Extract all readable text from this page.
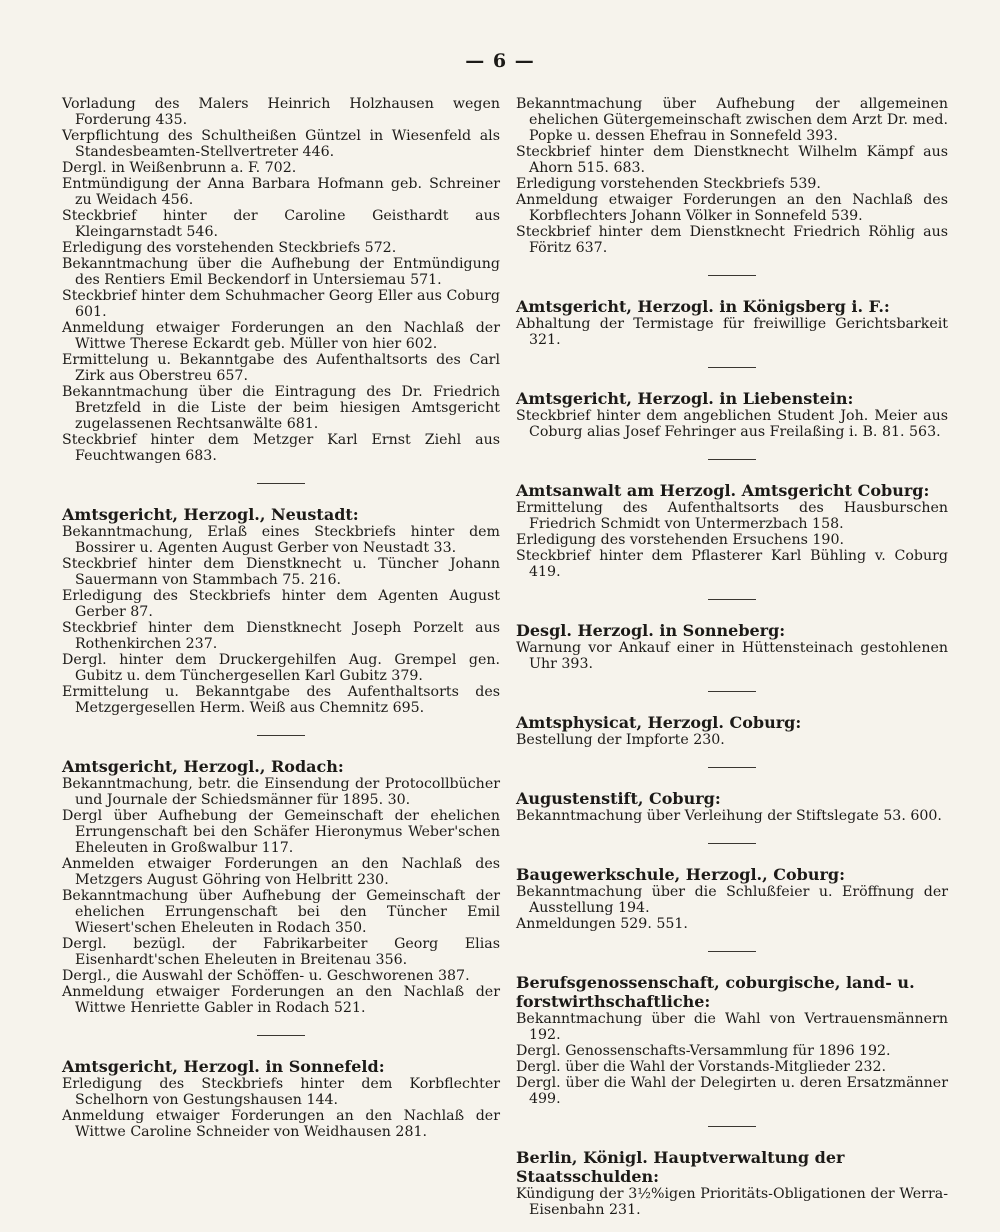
— 6 —
Vorladung des Malers Heinrich Holzhausen wegen Forderung 435.
Verpflichtung des Schultheißen Güntzel in Wiesenfeld als Standesbeamten-Stellvertreter 446.
Dergl. in Weißenbrunn a. F. 702.
Entmündigung der Anna Barbara Hofmann geb. Schreiner zu Weidach 456.
Steckbrief hinter der Caroline Geisthardt aus Kleingarnstadt 546.
Erledigung des vorstehenden Steckbriefs 572.
Bekanntmachung über die Aufhebung der Entmündigung des Rentiers Emil Beckendorf in Untersiemau 571.
Steckbrief hinter dem Schuhmacher Georg Eller aus Coburg 601.
Anmeldung etwaiger Forderungen an den Nachlaß der Wittwe Therese Eckardt geb. Müller von hier 602.
Ermittelung u. Bekanntgabe des Aufenthaltsorts des Carl Zirk aus Oberstreu 657.
Bekanntmachung über die Eintragung des Dr. Friedrich Bretzfeld in die Liste der beim hiesigen Amtsgericht zugelassenen Rechtsanwälte 681.
Steckbrief hinter dem Metzger Karl Ernst Ziehl aus Feuchtwangen 683.
Amtsgericht, Herzogl., Neustadt:
Bekanntmachung, Erlaß eines Steckbriefs hinter dem Bossirer u. Agenten August Gerber von Neustadt 33.
Steckbrief hinter dem Dienstknecht u. Tüncher Johann Sauermann von Stammbach 75. 216.
Erledigung des Steckbriefs hinter dem Agenten August Gerber 87.
Steckbrief hinter dem Dienstknecht Joseph Porzelt aus Rothenkirchen 237.
Dergl. hinter dem Druckergehilfen Aug. Grempel gen. Gubitz u. dem Tünchergesellen Karl Gubitz 379.
Ermittelung u. Bekanntgabe des Aufenthaltsorts des Metzgergesellen Herm. Weiß aus Chemnitz 695.
Amtsgericht, Herzogl., Rodach:
Bekanntmachung, betr. die Einsendung der Protocollbücher und Journale der Schiedsmänner für 1895. 30.
Dergl über Aufhebung der Gemeinschaft der ehelichen Errungenschaft bei den Schäfer Hieronymus Weber'schen Eheleuten in Großwalbur 117.
Anmelden etwaiger Forderungen an den Nachlaß des Metzgers August Göhring von Helbritt 230.
Bekanntmachung über Aufhebung der Gemeinschaft der ehelichen Errungenschaft bei den Tüncher Emil Wiesert'schen Eheleuten in Rodach 350.
Dergl. bezügl. der Fabrikarbeiter Georg Elias Eisenhardt'schen Eheleuten in Breitenau 356.
Dergl., die Auswahl der Schöffen- u. Geschworenen 387.
Anmeldung etwaiger Forderungen an den Nachlaß der Wittwe Henriette Gabler in Rodach 521.
Amtsgericht, Herzogl. in Sonnefeld:
Erledigung des Steckbriefs hinter dem Korbflechter Schelhorn von Gestungshausen 144.
Anmeldung etwaiger Forderungen an den Nachlaß der Wittwe Caroline Schneider von Weidhausen 281.
Bekanntmachung über Aufhebung der allgemeinen ehelichen Gütergemeinschaft zwischen dem Arzt Dr. med. Popke u. dessen Ehefrau in Sonnefeld 393.
Steckbrief hinter dem Dienstknecht Wilhelm Kämpf aus Ahorn 515. 683.
Erledigung vorstehenden Steckbriefs 539.
Anmeldung etwaiger Forderungen an den Nachlaß des Korbflechters Johann Völker in Sonnefeld 539.
Steckbrief hinter dem Dienstknecht Friedrich Röhlig aus Föritz 637.
Amtsgericht, Herzogl. in Königsberg i. F.:
Abhaltung der Termistage für freiwillige Gerichtsbarkeit 321.
Amtsgericht, Herzogl. in Liebenstein:
Steckbrief hinter dem angeblichen Student Joh. Meier aus Coburg alias Josef Fehringer aus Freilaßing i. B. 81. 563.
Amtsanwalt am Herzogl. Amtsgericht Coburg:
Ermittelung des Aufenthaltsorts des Hausburschen Friedrich Schmidt von Untermerzbach 158.
Erledigung des vorstehenden Ersuchens 190.
Steckbrief hinter dem Pflasterer Karl Bühling v. Coburg 419.
Desgl. Herzogl. in Sonneberg:
Warnung vor Ankauf einer in Hüttensteinach gestohlenen Uhr 393.
Amtsphysicat, Herzogl. Coburg:
Bestellung der Impforte 230.
Augustenstift, Coburg:
Bekanntmachung über Verleihung der Stiftslegate 53. 600.
Baugewerkschule, Herzogl., Coburg:
Bekanntmachung über die Schlußfeier u. Eröffnung der Ausstellung 194.
Anmeldungen 529. 551.
Berufsgenossenschaft, coburgische, land- u. forstwirthschaftliche:
Bekanntmachung über die Wahl von Vertrauensmännern 192.
Dergl. Genossenschafts-Versammlung für 1896 192.
Dergl. über die Wahl der Vorstands-Mitglieder 232.
Dergl. über die Wahl der Delegirten u. deren Ersatzmänner 499.
Berlin, Königl. Hauptverwaltung der Staatsschulden:
Kündigung der 3½%igen Prioritäts-Obligationen der Werra-Eisenbahn 231.
